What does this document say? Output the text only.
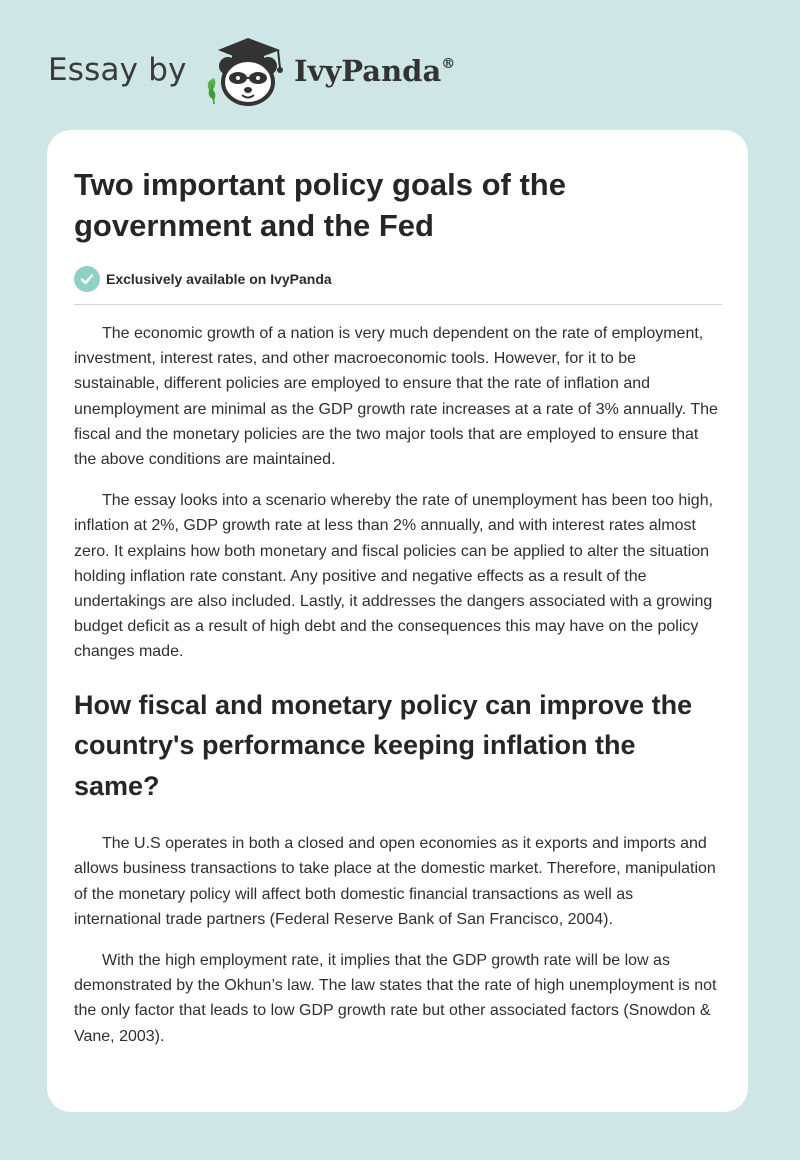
Essay by	IvyPanda®
Two important policy goals of the government and the Fed
Exclusively available on IvyPanda

The economic growth of a nation is very much dependent on the rate of employment, investment, interest rates, and other macroeconomic tools. However, for it to be sustainable, different policies are employed to ensure that the rate of inflation and unemployment are minimal as the GDP growth rate increases at a rate of 3% annually. The fiscal and the monetary policies are the two major tools that are employed to ensure that the above conditions are maintained.

The essay looks into a scenario whereby the rate of unemployment has been too high, inflation at 2%, GDP growth rate at less than 2% annually, and with interest rates almost zero. It explains how both monetary and fiscal policies can be applied to alter the situation holding inflation rate constant. Any positive and negative effects as a result of the undertakings are also included. Lastly, it addresses the dangers associated with a growing budget deficit as a result of high debt and the consequences this may have on the policy changes made.

How fiscal and monetary policy can improve the country's performance keeping inflation the same?

The U.S operates in both a closed and open economies as it exports and imports and allows business transactions to take place at the domestic market. Therefore, manipulation of the monetary policy will affect both domestic financial transactions as well as international trade partners (Federal Reserve Bank of San Francisco, 2004).

With the high employment rate, it implies that the GDP growth rate will be low as demonstrated by the Okhun’s law. The law states that the rate of high unemployment is not the only factor that leads to low GDP growth rate but other associated factors (Snowdon & Vane, 2003).
